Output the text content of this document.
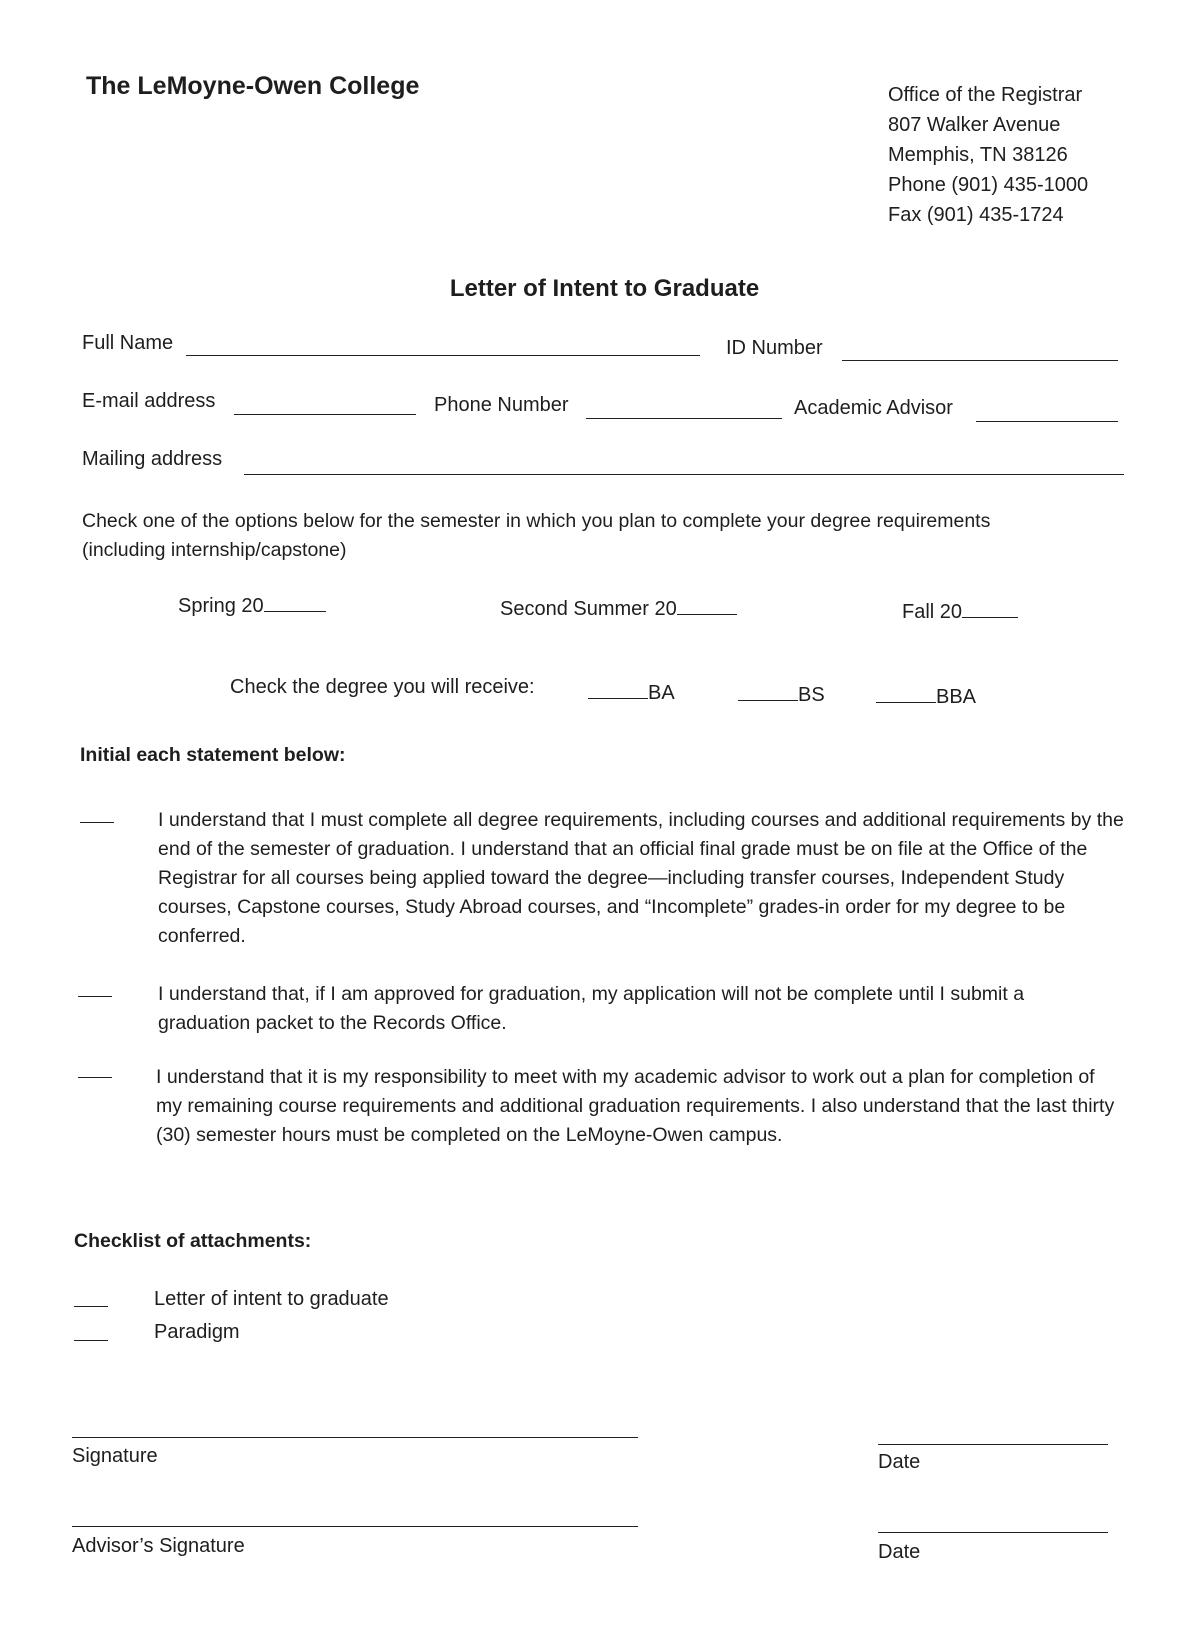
The LeMoyne-Owen College	Office of the Registrar
807 Walker Avenue
Memphis, TN 38126
Phone (901) 435-1000
Fax (901) 435-1724
Letter of Intent to Graduate
Full Name	ID Number
E-mail address	Phone Number	Academic Advisor
Mailing address
Check one of the options below for the semester in which you plan to complete your degree requirements (including internship/capstone)
Spring 20	Second Summer 20	Fall 20
Check the degree you will receive:	BA	BS	BBA
Initial each statement below:
I understand that I must complete all degree requirements, including courses and additional requirements by the end of the semester of graduation. I understand that an official final grade must be on file at the Office of the Registrar for all courses being applied toward the degree—including transfer courses, Independent Study courses, Capstone courses, Study Abroad courses, and “Incomplete” grades-in order for my degree to be conferred.
I understand that, if I am approved for graduation, my application will not be complete until I submit a graduation packet to the Records Office.
I understand that it is my responsibility to meet with my academic advisor to work out a plan for completion of my remaining course requirements and additional graduation requirements. I also understand that the last thirty (30) semester hours must be completed on the LeMoyne-Owen campus.
Checklist of attachments:
Letter of intent to graduate
Paradigm
Signature	Date
Advisor’s Signature	Date
